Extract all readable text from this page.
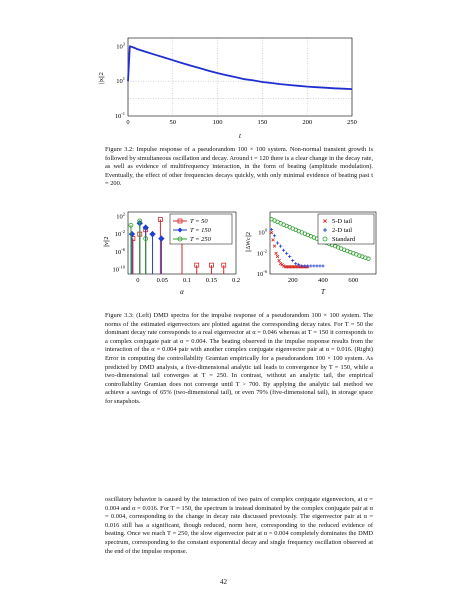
0	50	100	150	200	250
$10^3$
$10^1$
$10^{-1}$
t
||x||2
Figure 3.2: Impulse response of a pseudorandom 100 × 100 system. Non-normal transient growth is followed by simultaneous oscillation and decay. Around t = 120 there is a clear change in the decay rate, as well as evidence of multifrequency interaction, in the form of beating (amplitude modulation). Eventually, the effect of other frequencies decays quickly, with only minimal evidence of beating past t = 200.
0	0.05 0.1 0.15 0.2
$10^2$
$10^{-2}$
$10^{-6}$
$10^{-10}$
T = 50
T = 150
T = 250
α
||v||2
200	400	600
$10^0$
$10^{-2}$
$10^{-6}$
5-D tail
2-D tail
Standard
T
||ΔWc||2
Figure 3.3: (Left) DMD spectra for the impulse response of a pseudorandom 100 × 100 system. The norms of the estimated eigenvectors are plotted against the corresponding decay rates. For T = 50 the dominant decay rate corresponds to a real eigenvector at α = 0.046 whereas at T = 150 it corresponds to a complex conjugate pair at α = 0.004. The beating observed in the impulse response results from the interaction of the α = 0.004 pair with another complex conjugate eigenvector pair at α = 0.016. (Right) Error in computing the controllability Gramian empirically for a pseudorandom 100 × 100 system. As predicted by DMD analysis, a five-dimensional analytic tail leads to convergence by T = 150, while a two-dimensional tail converges at T = 250. In contrast, without an analytic tail, the empirical controllability Gramian does not converge until T > 700. By applying the analytic tail method we achieve a savings of 65% (two-dimensional tail), or even 79% (five-dimensional tail), in storage space for snapshots.
oscillatory behavior is caused by the interaction of two pairs of complex conjugate eigenvectors, at α = 0.004 and α = 0.016. For T = 150, the spectrum is instead dominated by the complex conjugate pair at α = 0.004, corresponding to the change in decay rate discussed previously. The eigenvector pair at α = 0.016 still has a significant, though reduced, norm here, corresponding to the reduced evidence of beating. Once we reach T = 250, the slow eigenvector pair at α = 0.004 completely dominates the DMD spectrum, corresponding to the constant exponential decay and single frequency oscillation observed at the end of the impulse response.
42
